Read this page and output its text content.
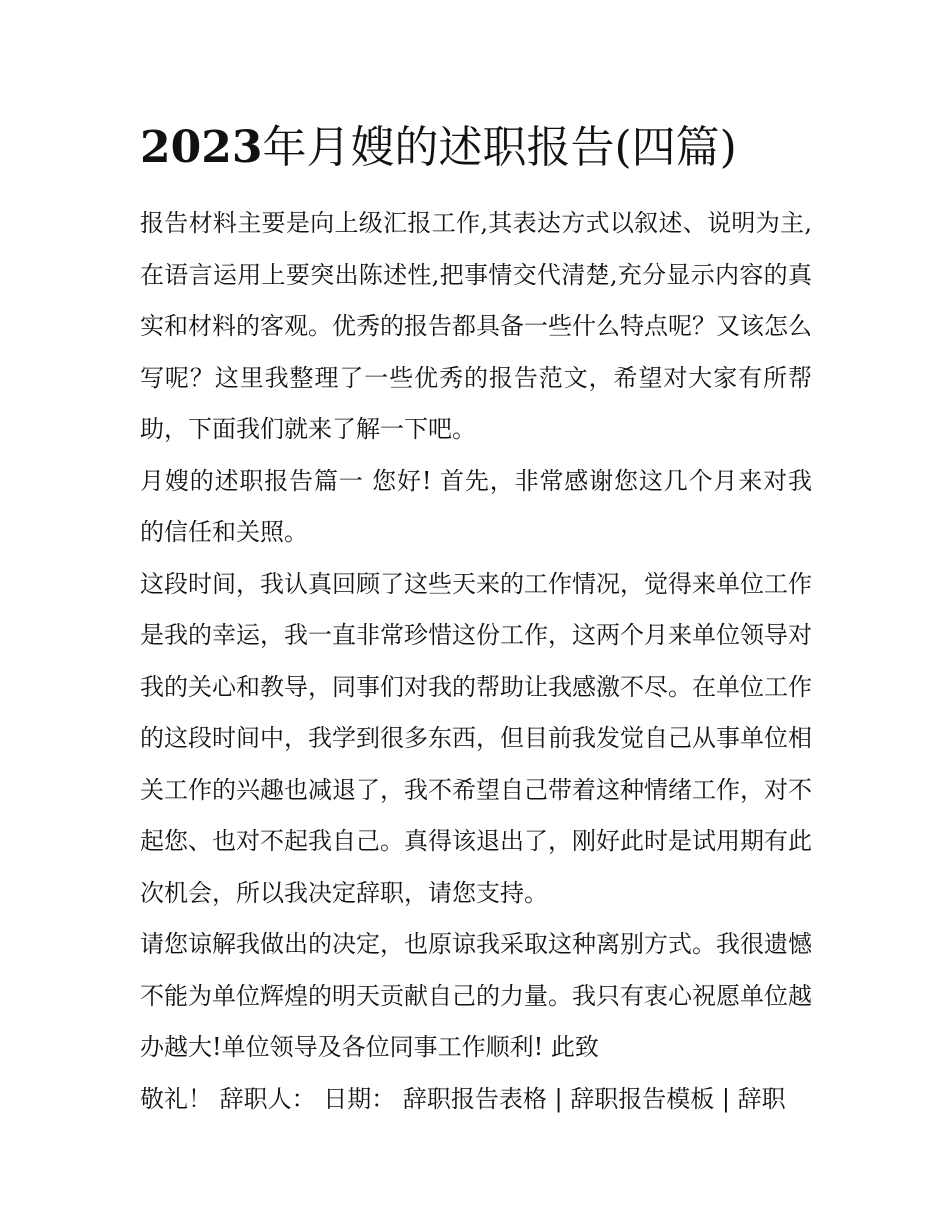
2023年月嫂的述职报告(四篇)

报告材料主要是向上级汇报工作,其表达方式以叙述、说明为主,在语言运用上要突出陈述性,把事情交代清楚,充分显示内容的真实和材料的客观。优秀的报告都具备一些什么特点呢？又该怎么写呢？这里我整理了一些优秀的报告范文，希望对大家有所帮助，下面我们就来了解一下吧。

月嫂的述职报告篇一 您好! 首先，非常感谢您这几个月来对我的信任和关照。

这段时间，我认真回顾了这些天来的工作情况，觉得来单位工作是我的幸运，我一直非常珍惜这份工作，这两个月来单位领导对我的关心和教导，同事们对我的帮助让我感激不尽。在单位工作的这段时间中，我学到很多东西，但目前我发觉自己从事单位相关工作的兴趣也减退了，我不希望自己带着这种情绪工作，对不起您、也对不起我自己。真得该退出了，刚好此时是试用期有此次机会，所以我决定辞职，请您支持。

请您谅解我做出的决定，也原谅我采取这种离别方式。我很遗憾不能为单位辉煌的明天贡献自己的力量。我只有衷心祝愿单位越办越大!单位领导及各位同事工作顺利! 此致

敬礼！ 辞职人： 日期： 辞职报告表格 | 辞职报告模板 | 辞职
